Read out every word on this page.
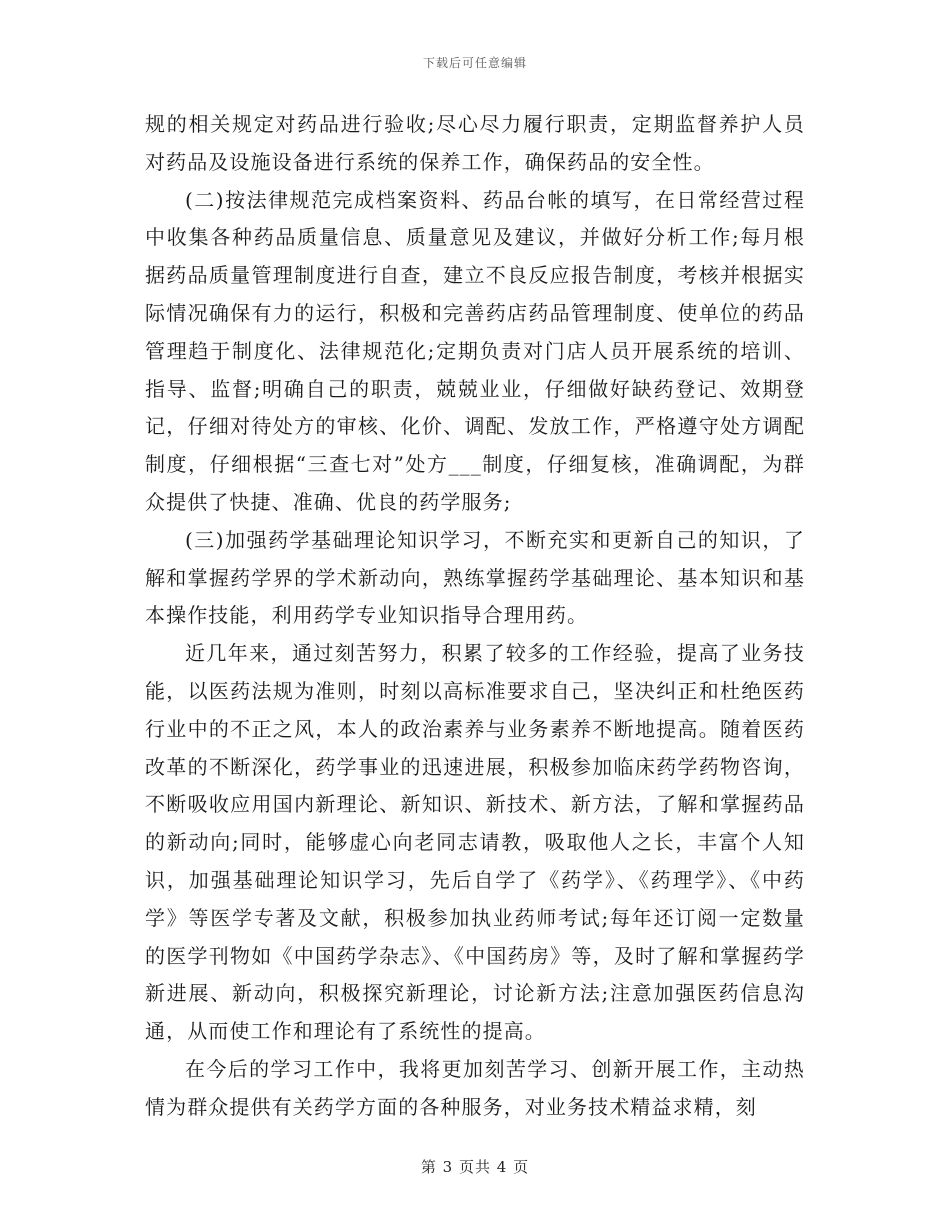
下载后可任意编辑

规的相关规定对药品进行验收;尽心尽力履行职责，定期监督养护人员对药品及设施设备进行系统的保养工作，确保药品的安全性。

(二)按法律规范完成档案资料、药品台帐的填写，在日常经营过程中收集各种药品质量信息、质量意见及建议，并做好分析工作;每月根据药品质量管理制度进行自查，建立不良反应报告制度，考核并根据实际情况确保有力的运行，积极和完善药店药品管理制度、使单位的药品管理趋于制度化、法律规范化;定期负责对门店人员开展系统的培训、指导、监督;明确自己的职责，兢兢业业，仔细做好缺药登记、效期登记，仔细对待处方的审核、化价、调配、发放工作，严格遵守处方调配制度，仔细根据“三查七对”处方___制度，仔细复核，准确调配，为群众提供了快捷、准确、优良的药学服务;

(三)加强药学基础理论知识学习，不断充实和更新自己的知识，了解和掌握药学界的学术新动向，熟练掌握药学基础理论、基本知识和基本操作技能，利用药学专业知识指导合理用药。

近几年来，通过刻苦努力，积累了较多的工作经验，提高了业务技能，以医药法规为准则，时刻以高标准要求自己，坚决纠正和杜绝医药行业中的不正之风，本人的政治素养与业务素养不断地提高。随着医药改革的不断深化，药学事业的迅速进展，积极参加临床药学药物咨询，不断吸收应用国内新理论、新知识、新技术、新方法，了解和掌握药品的新动向;同时，能够虚心向老同志请教，吸取他人之长，丰富个人知识，加强基础理论知识学习，先后自学了《药学》、《药理学》、《中药学》等医学专著及文献，积极参加执业药师考试;每年还订阅一定数量的医学刊物如《中国药学杂志》、《中国药房》等，及时了解和掌握药学新进展、新动向，积极探究新理论，讨论新方法;注意加强医药信息沟通，从而使工作和理论有了系统性的提高。

在今后的学习工作中，我将更加刻苦学习、创新开展工作，主动热情为群众提供有关药学方面的各种服务，对业务技术精益求精，刻

第 3 页共 4 页
